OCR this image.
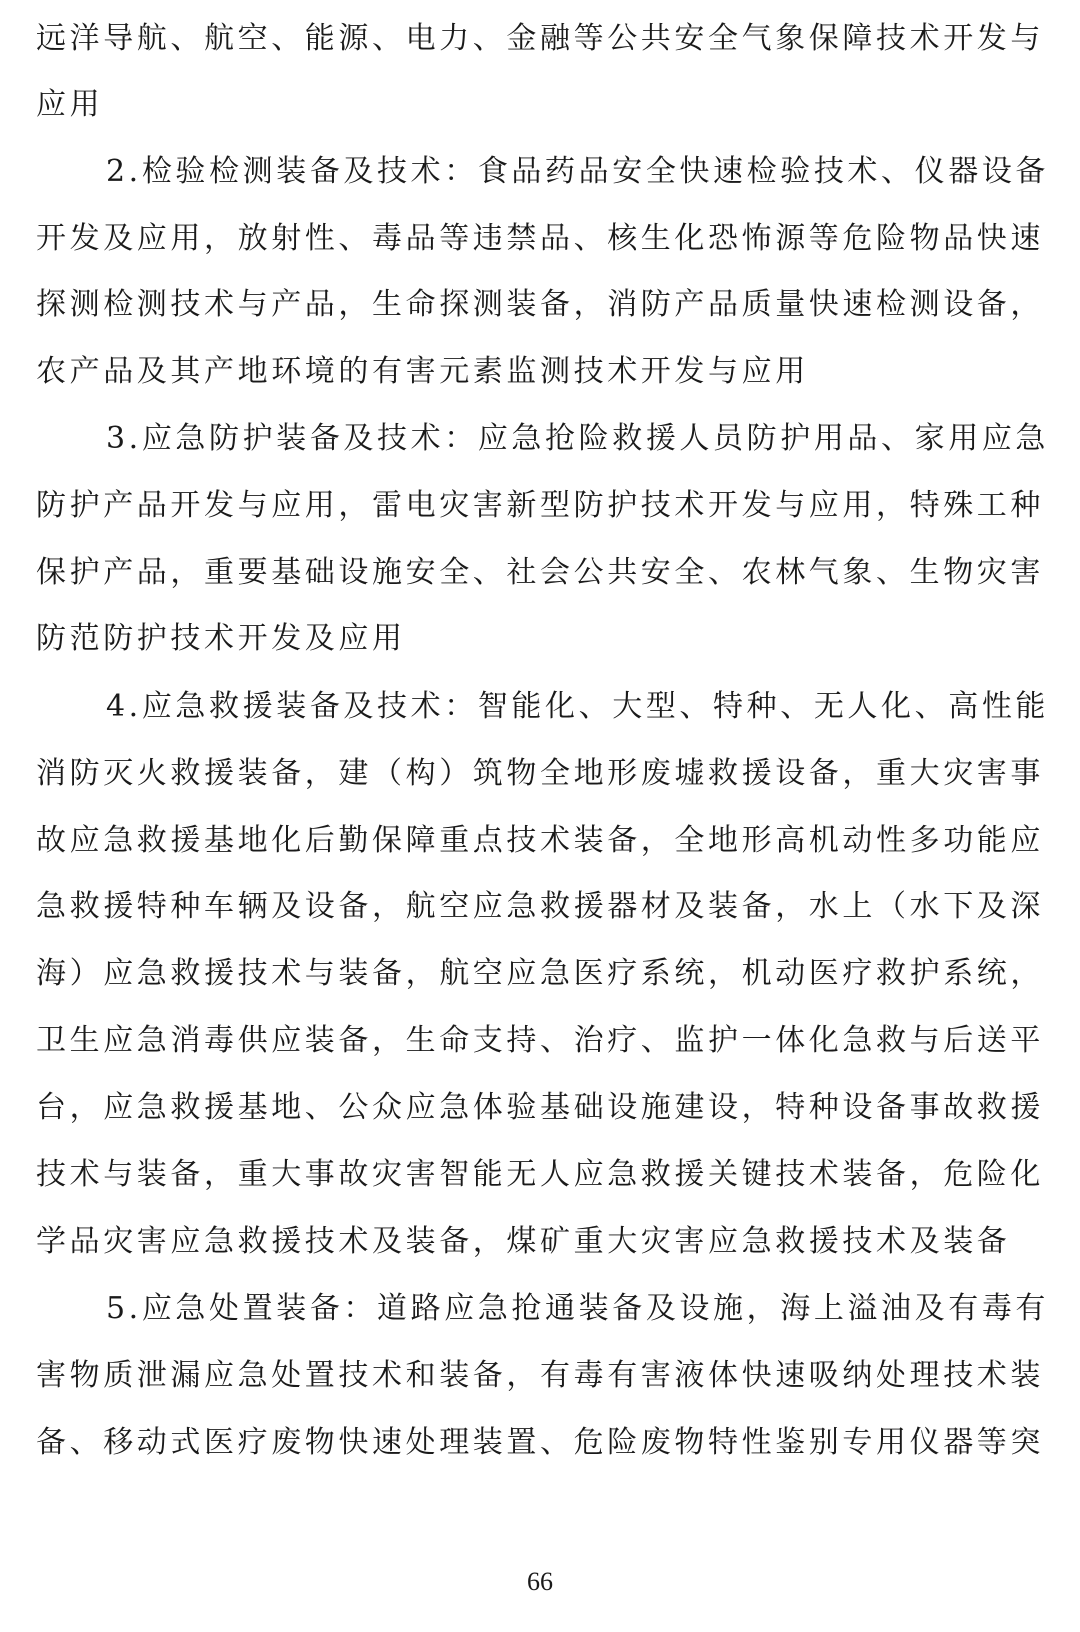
远洋导航、航空、能源、电力、金融等公共安全气象保障技术开发与
应用
2.检验检测装备及技术：食品药品安全快速检验技术、仪器设备
开发及应用，放射性、毒品等违禁品、核生化恐怖源等危险物品快速
探测检测技术与产品，生命探测装备，消防产品质量快速检测设备，
农产品及其产地环境的有害元素监测技术开发与应用
3.应急防护装备及技术：应急抢险救援人员防护用品、家用应急
防护产品开发与应用，雷电灾害新型防护技术开发与应用，特殊工种
保护产品，重要基础设施安全、社会公共安全、农林气象、生物灾害
防范防护技术开发及应用
4.应急救援装备及技术：智能化、大型、特种、无人化、高性能
消防灭火救援装备，建（构）筑物全地形废墟救援设备，重大灾害事
故应急救援基地化后勤保障重点技术装备，全地形高机动性多功能应
急救援特种车辆及设备，航空应急救援器材及装备，水上（水下及深
海）应急救援技术与装备，航空应急医疗系统，机动医疗救护系统，
卫生应急消毒供应装备，生命支持、治疗、监护一体化急救与后送平
台，应急救援基地、公众应急体验基础设施建设，特种设备事故救援
技术与装备，重大事故灾害智能无人应急救援关键技术装备，危险化
学品灾害应急救援技术及装备，煤矿重大灾害应急救援技术及装备
5.应急处置装备：道路应急抢通装备及设施，海上溢油及有毒有
害物质泄漏应急处置技术和装备，有毒有害液体快速吸纳处理技术装
备、移动式医疗废物快速处理装置、危险废物特性鉴别专用仪器等突
66
